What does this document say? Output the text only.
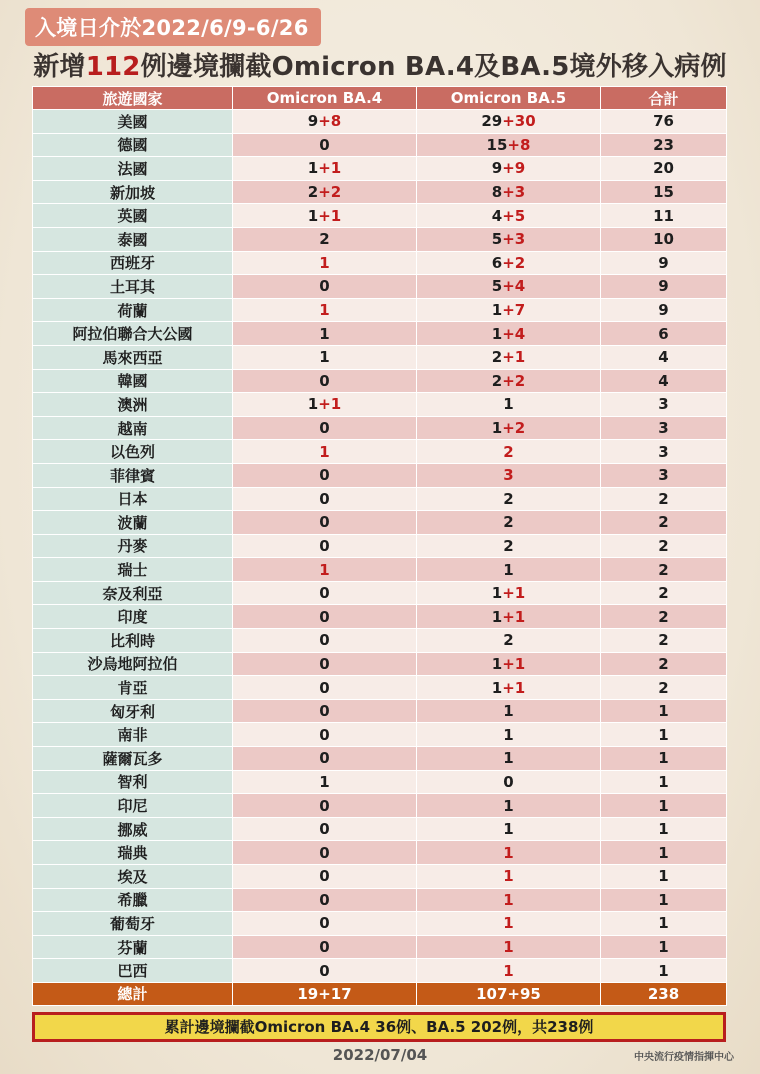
入境日介於2022/6/9-6/26
新增112例邊境攔截Omicron BA.4及BA.5境外移入病例
旅遊國家	Omicron BA.4	Omicron BA.5	合計
美國	9+8	29+30	76
德國	0	15+8	23
法國	1+1	9+9	20
新加坡	2+2	8+3	15
英國	1+1	4+5	11
泰國	2	5+3	10
西班牙	1	6+2	9
土耳其	0	5+4	9
荷蘭	1	1+7	9
阿拉伯聯合大公國	1	1+4	6
馬來西亞	1	2+1	4
韓國	0	2+2	4
澳洲	1+1	1	3
越南	0	1+2	3
以色列	1	2	3
菲律賓	0	3	3
日本	0	2	2
波蘭	0	2	2
丹麥	0	2	2
瑞士	1	1	2
奈及利亞	0	1+1	2
印度	0	1+1	2
比利時	0	2	2
沙烏地阿拉伯	0	1+1	2
肯亞	0	1+1	2
匈牙利	0	1	1
南非	0	1	1
薩爾瓦多	0	1	1
智利	1	0	1
印尼	0	1	1
挪威	0	1	1
瑞典	0	1	1
埃及	0	1	1
希臘	0	1	1
葡萄牙	0	1	1
芬蘭	0	1	1
巴西	0	1	1
總計	19+17	107+95	238
累計邊境攔截Omicron BA.4 36例、BA.5 202例，共238例
2022/07/04	中央流行疫情指揮中心
